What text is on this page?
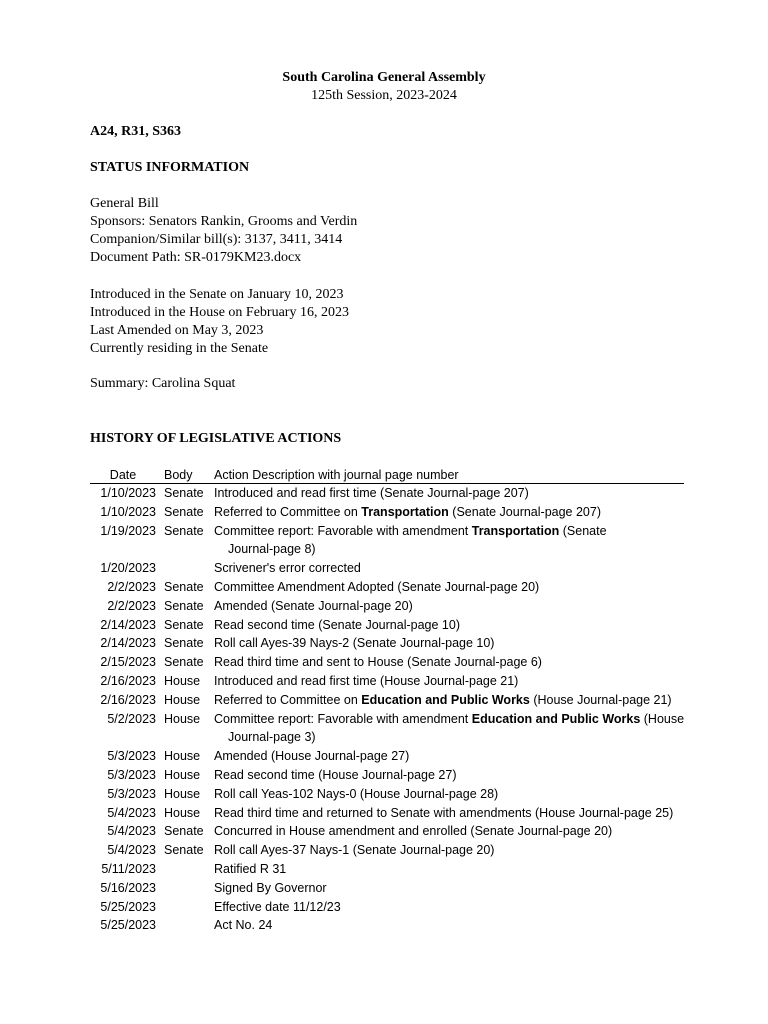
South Carolina General Assembly
125th Session, 2023-2024
A24, R31, S363
STATUS INFORMATION
General Bill
Sponsors: Senators Rankin, Grooms and Verdin
Companion/Similar bill(s): 3137, 3411, 3414
Document Path: SR-0179KM23.docx
Introduced in the Senate on January 10, 2023
Introduced in the House on February 16, 2023
Last Amended on May 3, 2023
Currently residing in the Senate
Summary: Carolina Squat
HISTORY OF LEGISLATIVE ACTIONS
Date	Body	Action Description with journal page number
1/10/2023	Senate	Introduced and read first time (Senate Journal-page 207)
1/10/2023	Senate	Referred to Committee on Transportation (Senate Journal-page 207)
1/19/2023	Senate	Committee report: Favorable with amendment Transportation (Senate
Journal-page 8)

1/20/2023		Scrivener's error corrected
2/2/2023	Senate	Committee Amendment Adopted (Senate Journal-page 20)
2/2/2023	Senate	Amended (Senate Journal-page 20)
2/14/2023	Senate	Read second time (Senate Journal-page 10)
2/14/2023	Senate	Roll call Ayes-39 Nays-2 (Senate Journal-page 10)
2/15/2023	Senate	Read third time and sent to House (Senate Journal-page 6)
2/16/2023	House	Introduced and read first time (House Journal-page 21)
2/16/2023	House	Referred to Committee on Education and Public Works (House Journal-page 21)
5/2/2023	House	Committee report: Favorable with amendment Education and Public Works (House
Journal-page 3)

5/3/2023	House	Amended (House Journal-page 27)
5/3/2023	House	Read second time (House Journal-page 27)
5/3/2023	House	Roll call Yeas-102 Nays-0 (House Journal-page 28)
5/4/2023	House	Read third time and returned to Senate with amendments (House Journal-page 25)
5/4/2023	Senate	Concurred in House amendment and enrolled (Senate Journal-page 20)
5/4/2023	Senate	Roll call Ayes-37 Nays-1 (Senate Journal-page 20)
5/11/2023		Ratified R 31
5/16/2023		Signed By Governor
5/25/2023		Effective date 11/12/23
5/25/2023		Act No. 24
